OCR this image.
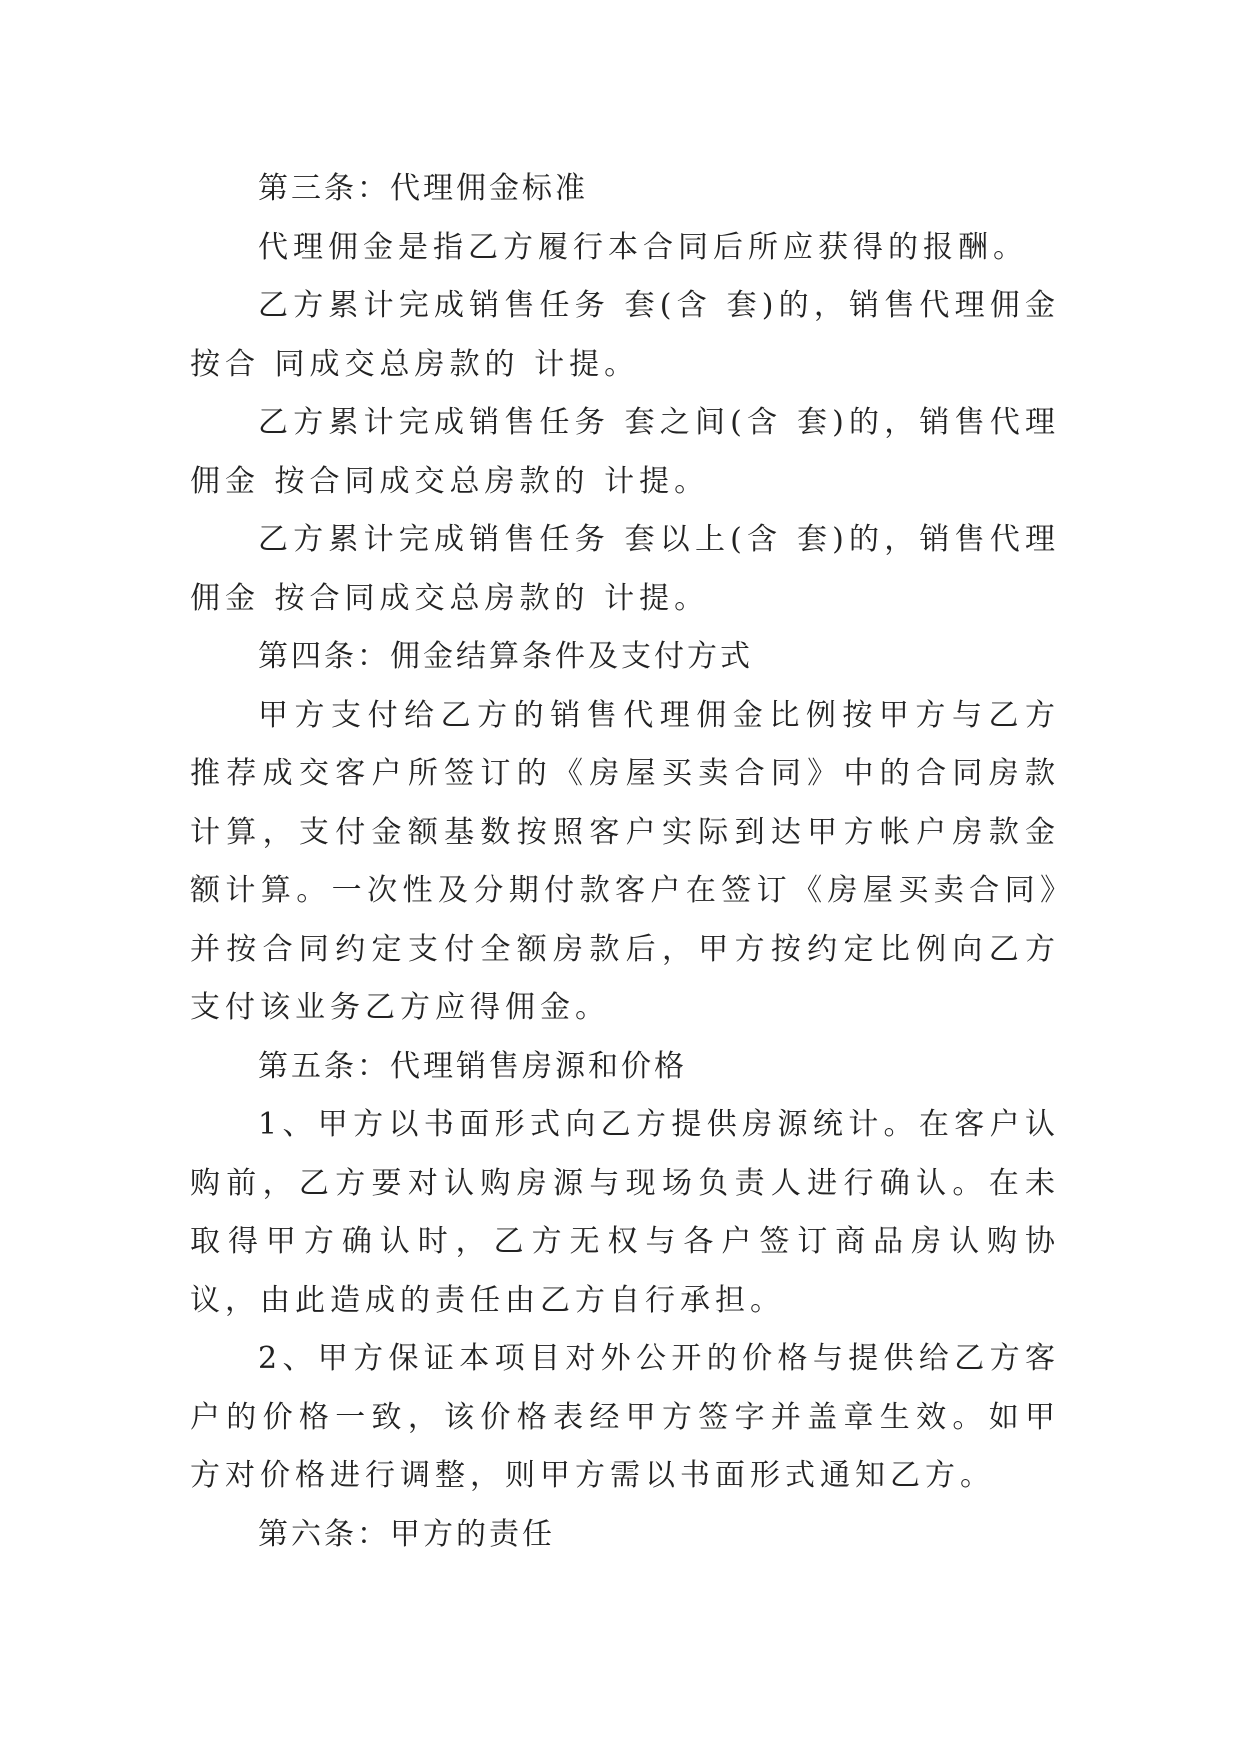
第三条：代理佣金标准

代理佣金是指乙方履行本合同后所应获得的报酬。

乙方累计完成销售任务 套(含 套)的，销售代理佣金按合 同成交总房款的 计提。

乙方累计完成销售任务 套之间(含 套)的，销售代理佣金 按合同成交总房款的 计提。

乙方累计完成销售任务 套以上(含 套)的，销售代理佣金 按合同成交总房款的 计提。

第四条：佣金结算条件及支付方式

甲方支付给乙方的销售代理佣金比例按甲方与乙方推荐成交客户所签订的《房屋买卖合同》中的合同房款计算，支付金额基数按照客户实际到达甲方帐户房款金额计算。一次性及分期付款客户在签订《房屋买卖合同》并按合同约定支付全额房款后，甲方按约定比例向乙方支付该业务乙方应得佣金。

第五条：代理销售房源和价格

1、甲方以书面形式向乙方提供房源统计。在客户认购前，乙方要对认购房源与现场负责人进行确认。在未取得甲方确认时，乙方无权与各户签订商品房认购协议，由此造成的责任由乙方自行承担。

2、甲方保证本项目对外公开的价格与提供给乙方客户的价格一致，该价格表经甲方签字并盖章生效。如甲方对价格进行调整，则甲方需以书面形式通知乙方。

第六条：甲方的责任
